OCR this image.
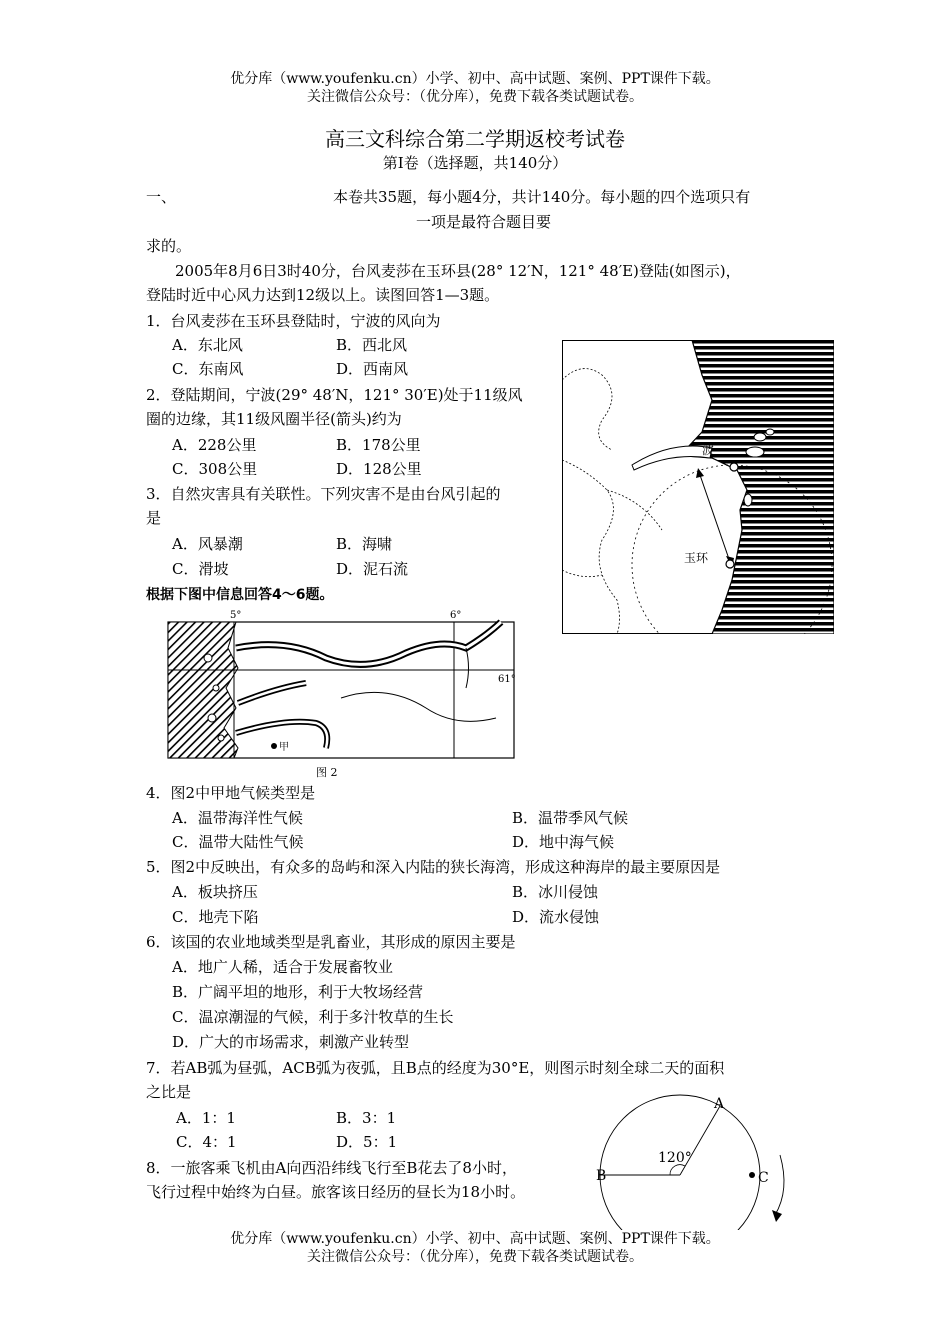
优分库（www.youfenku.cn）小学、初中、高中试题、案例、PPT课件下载。
关注微信公众号：（优分库），免费下载各类试题试卷。
高三文科综合第二学期返校考试卷
第Ⅰ卷（选择题，共140分）
一、	本卷共35题，每小题4分，共计140分。每小题的四个选项只有
一项是最符合题目要
求的。
2005年8月6日3时40分，台风麦莎在玉环县(28° 12′N，121° 48′E)登陆(如图示)，
登陆时近中心风力达到12级以上。读图回答1—3题。
1．台风麦莎在玉环县登陆时，宁波的风向为
A．东北风	B．西北风
C．东南风	D．西南风
2．登陆期间，宁波(29° 48′N，121° 30′E)处于11级风
圈的边缘，其11级风圈半径(箭头)约为
A．228公里	B．178公里
C．308公里	D．128公里
3．自然灾害具有关联性。下列灾害不是由台风引起的
是
A．风暴潮	B．海啸
C．滑坡	D．泥石流
根据下图中信息回答4～6题。
波
玉环
5°	6°
61°
甲
图 2
4．图2中甲地气候类型是
A．温带海洋性气候	B．温带季风气候
C．温带大陆性气候	D．地中海气候
5．图2中反映出，有众多的岛屿和深入内陆的狭长海湾，形成这种海岸的最主要原因是
A．板块挤压	B．冰川侵蚀
C．地壳下陷	D．流水侵蚀
6．该国的农业地域类型是乳畜业，其形成的原因主要是
A．地广人稀，适合于发展畜牧业
B．广阔平坦的地形，利于大牧场经营
C．温凉潮湿的气候，利于多汁牧草的生长
D．广大的市场需求，刺激产业转型
7．若AB弧为昼弧，ACB弧为夜弧，且B点的经度为30°E，则图示时刻全球二天的面积
之比是
A．1：1	B．3：1
C．4：1	D．5：1
8．一旅客乘飞机由A向西沿纬线飞行至B花去了8小时，
飞行过程中始终为白昼。旅客该日经历的昼长为18小时。
A
B	C
120°
优分库（www.youfenku.cn）小学、初中、高中试题、案例、PPT课件下载。
关注微信公众号：（优分库），免费下载各类试题试卷。
